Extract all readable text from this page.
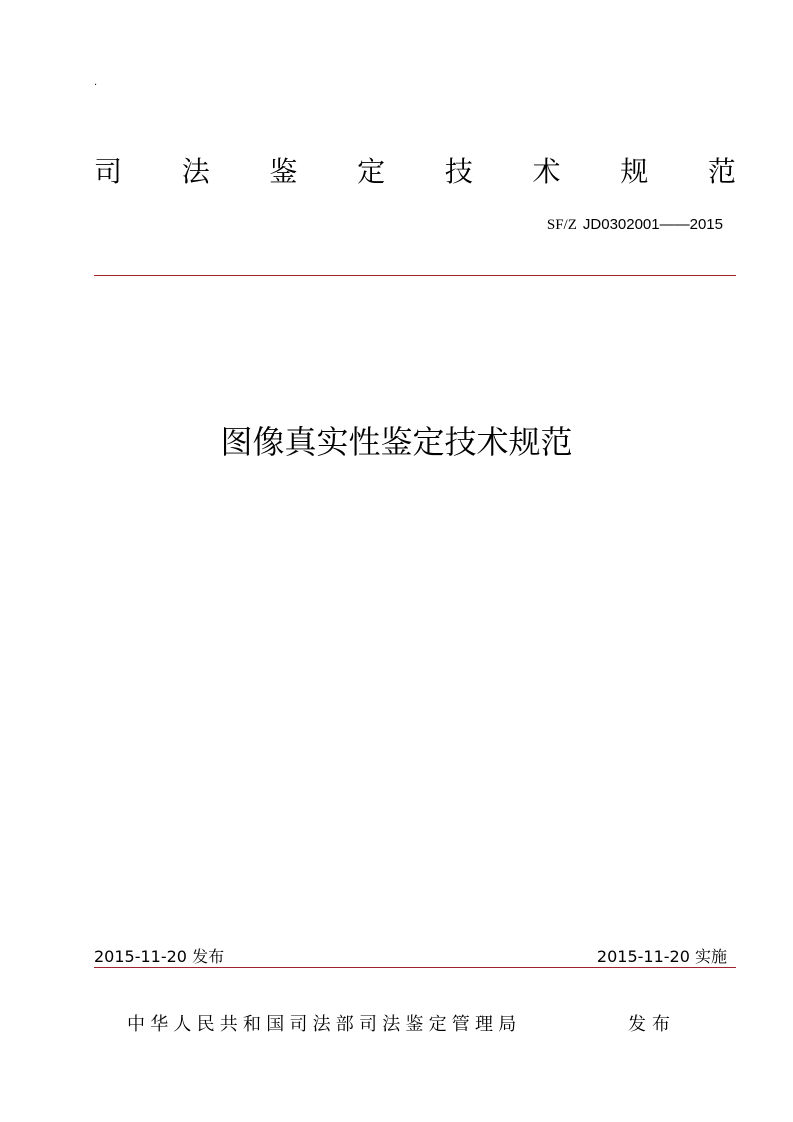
.
司 法 鉴 定 技 术 规 范
SF/Z JD0302001——2015
图像真实性鉴定技术规范
2015-11-20 发布	2015-11-20 实施
中华人民共和国司法部司法鉴定管理局	发布
